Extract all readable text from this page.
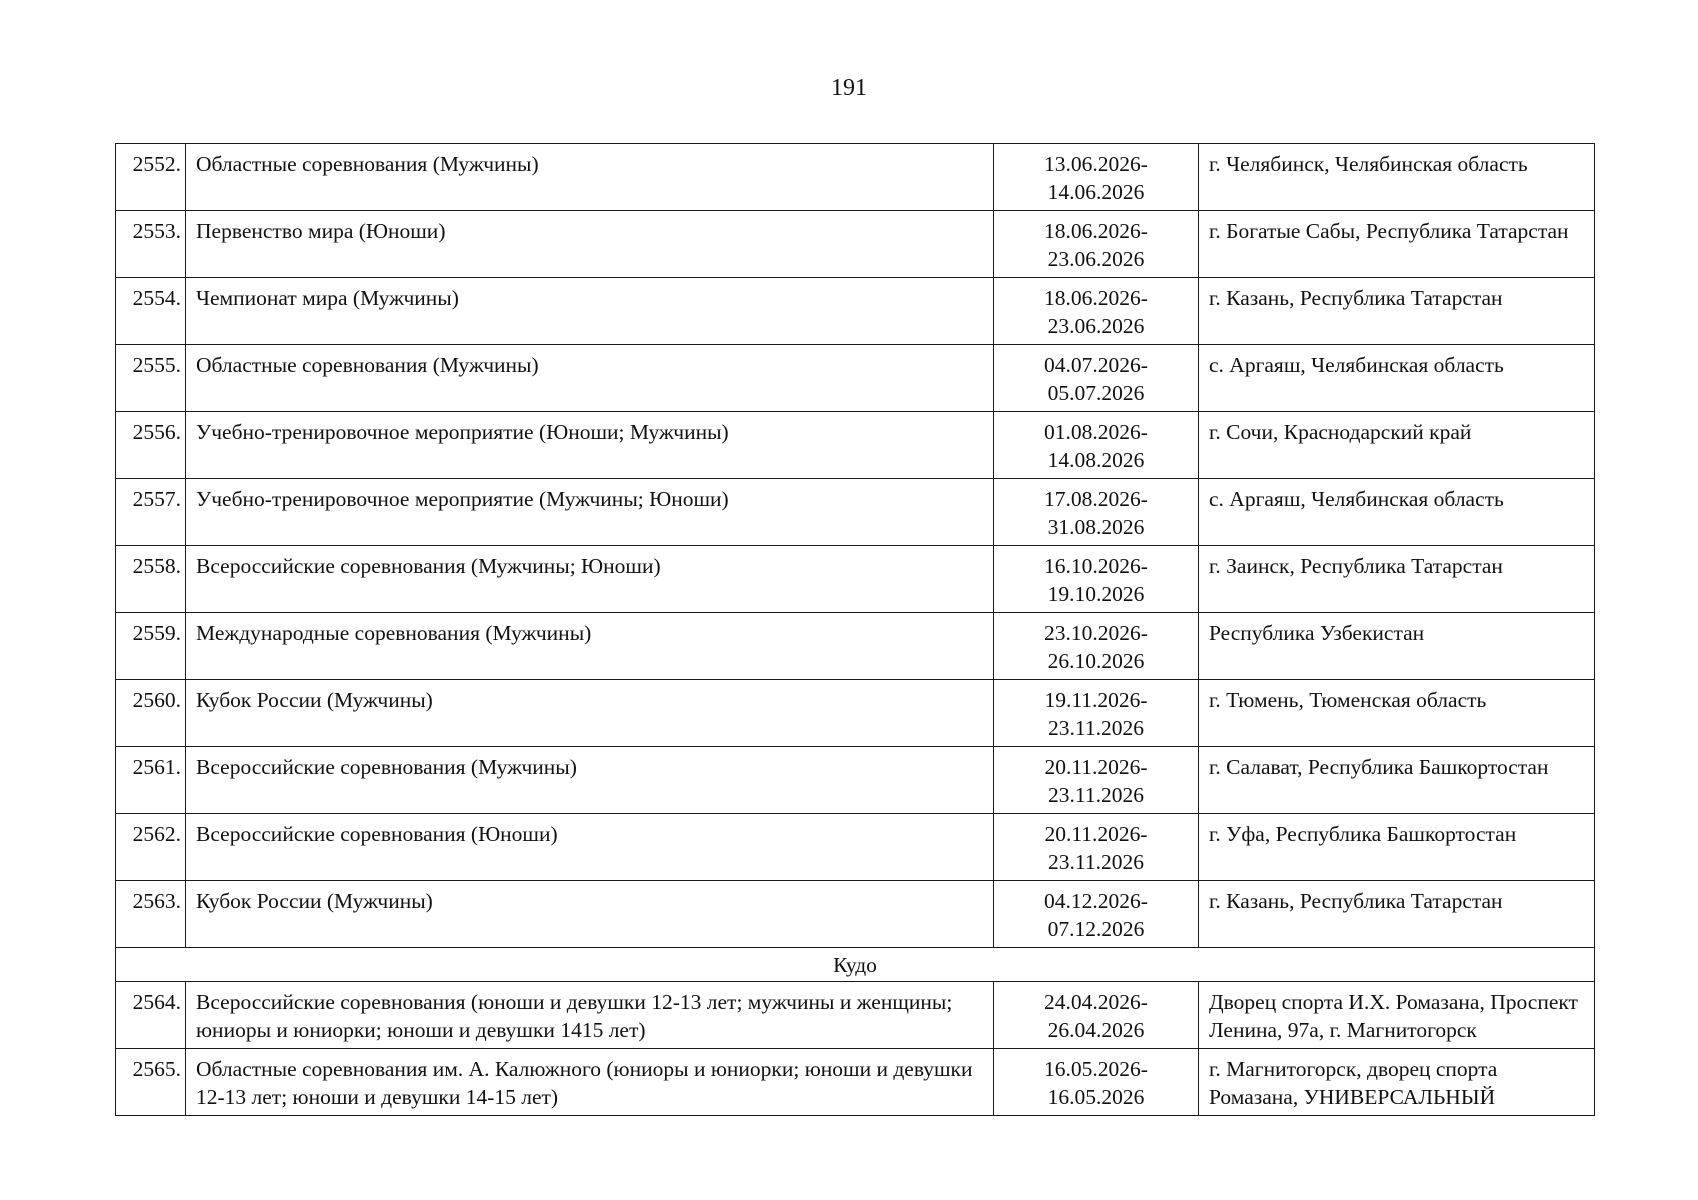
191
2552.	Областные соревнования (Мужчины)	13.06.2026-
14.06.2026	г. Челябинск, Челябинская область
2553.	Первенство мира (Юноши)	18.06.2026-
23.06.2026	г. Богатые Сабы, Республика Татарстан
2554.	Чемпионат мира (Мужчины)	18.06.2026-
23.06.2026	г. Казань, Республика Татарстан
2555.	Областные соревнования (Мужчины)	04.07.2026-
05.07.2026	с. Аргаяш, Челябинская область
2556.	Учебно-тренировочное мероприятие (Юноши; Мужчины)	01.08.2026-
14.08.2026	г. Сочи, Краснодарский край
2557.	Учебно-тренировочное мероприятие (Мужчины; Юноши)	17.08.2026-
31.08.2026	с. Аргаяш, Челябинская область
2558.	Всероссийские соревнования (Мужчины; Юноши)	16.10.2026-
19.10.2026	г. Заинск, Республика Татарстан
2559.	Международные соревнования (Мужчины)	23.10.2026-
26.10.2026	Республика Узбекистан
2560.	Кубок России (Мужчины)	19.11.2026-
23.11.2026	г. Тюмень, Тюменская область
2561.	Всероссийские соревнования (Мужчины)	20.11.2026-
23.11.2026	г. Салават, Республика Башкортостан
2562.	Всероссийские соревнования (Юноши)	20.11.2026-
23.11.2026	г. Уфа, Республика Башкортостан
2563.	Кубок России (Мужчины)	04.12.2026-
07.12.2026	г. Казань, Республика Татарстан
Кудо			
2564.	Всероссийские соревнования (юноши и девушки 12-13 лет; мужчины и женщины; юниоры и юниорки; юноши и девушки 1415 лет)	24.04.2026-
26.04.2026	Дворец спорта И.Х. Ромазана, Проспект Ленина, 97а, г. Магнитогорск
2565.	Областные соревнования им. А. Калюжного (юниоры и юниорки; юноши и девушки 12-13 лет; юноши и девушки 14-15 лет)	16.05.2026-
16.05.2026	г. Магнитогорск, дворец спорта Ромазана, УНИВЕРСАЛЬНЫЙ
